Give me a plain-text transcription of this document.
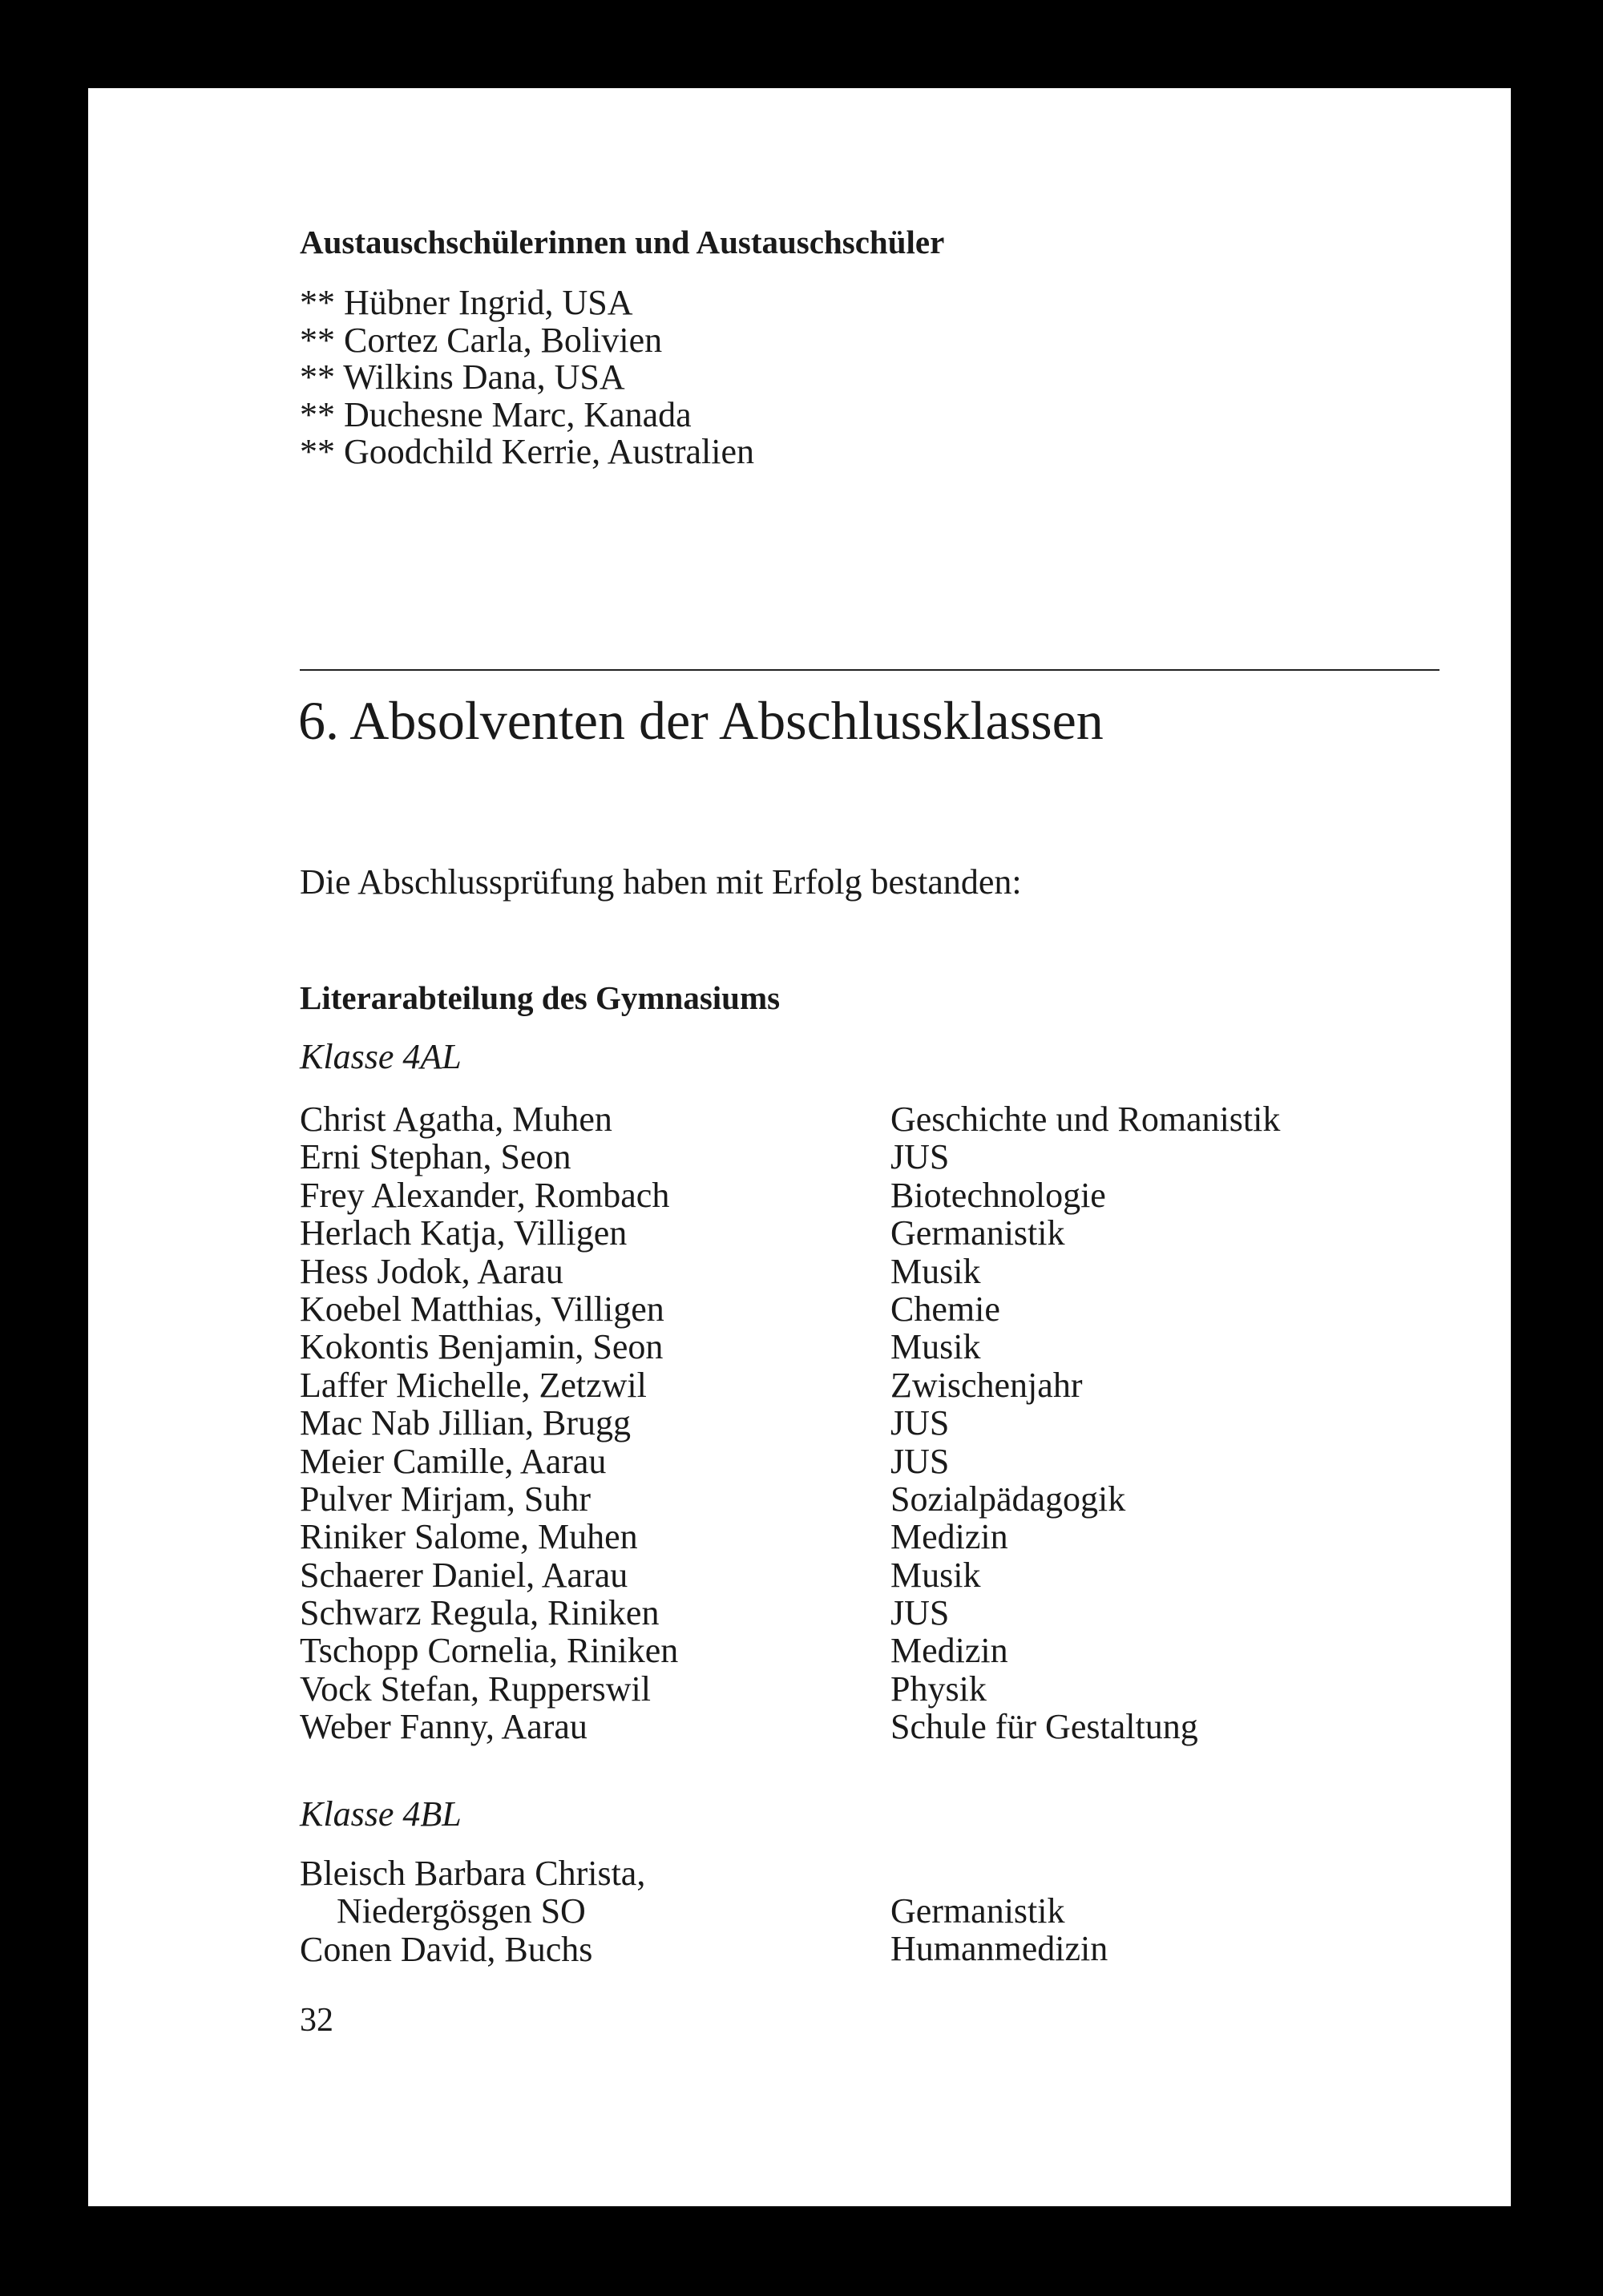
Austauschschülerinnen und Austauschschüler
** Hübner Ingrid, USA
** Cortez Carla, Bolivien
** Wilkins Dana, USA
** Duchesne Marc, Kanada
** Goodchild Kerrie, Australien
6. Absolventen der Abschlussklassen
Die Abschlussprüfung haben mit Erfolg bestanden:
Literarabteilung des Gymnasiums
Klasse 4AL
Christ Agatha, Muhen
Erni Stephan, Seon
Frey Alexander, Rombach
Herlach Katja, Villigen
Hess Jodok, Aarau
Koebel Matthias, Villigen
Kokontis Benjamin, Seon
Laffer Michelle, Zetzwil
Mac Nab Jillian, Brugg
Meier Camille, Aarau
Pulver Mirjam, Suhr
Riniker Salome, Muhen
Schaerer Daniel, Aarau
Schwarz Regula, Riniken
Tschopp Cornelia, Riniken
Vock Stefan, Rupperswil
Weber Fanny, Aarau
Geschichte und Romanistik
JUS
Biotechnologie
Germanistik
Musik
Chemie
Musik
Zwischenjahr
JUS
JUS
Sozialpädagogik
Medizin
Musik
JUS
Medizin
Physik
Schule für Gestaltung
Klasse 4BL
Bleisch Barbara Christa,
Niedergösgen SO
Conen David, Buchs
Germanistik
Humanmedizin
32
